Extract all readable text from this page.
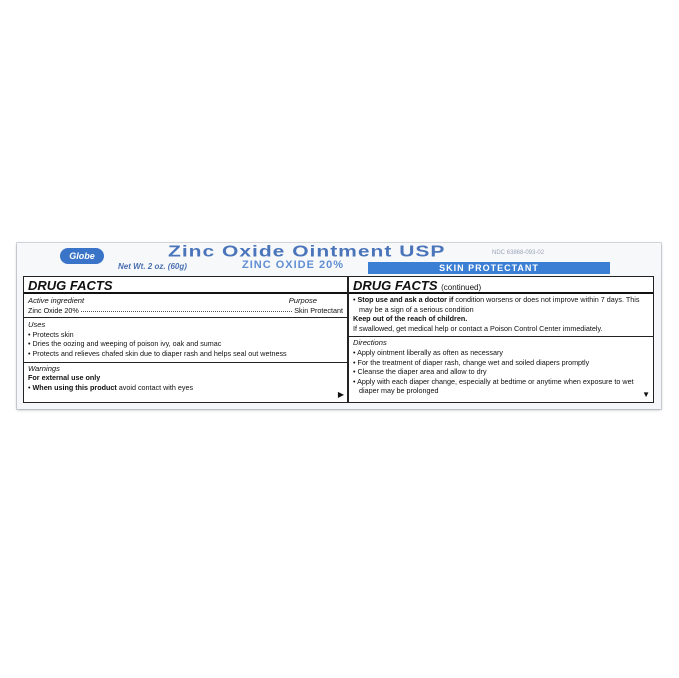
Globe	Zinc Oxide Ointment USP
ZINC OXIDE 20%
Net Wt. 2 oz. (60g)
NDC 63868-093-02
SKIN PROTECTANT
DRUG FACTS
Active ingredient	Purpose
Zinc Oxide 20%	Skin Protectant
Uses
• Protects skin
• Dries the oozing and weeping of poison ivy, oak and sumac
• Protects and relieves chafed skin due to diaper rash and helps seal out wetness
Warnings
For external use only
• When using this product avoid contact with eyes
▶
DRUG FACTS (continued)
• Stop use and ask a doctor if condition worsens or does not improve within 7 days. This may be a sign of a serious condition
Keep out of the reach of children.
If swallowed, get medical help or contact a Poison Control Center immediately.
Directions
• Apply ointment liberally as often as necessary
• For the treatment of diaper rash, change wet and soiled diapers promptly
• Cleanse the diaper area and allow to dry
• Apply with each diaper change, especially at bedtime or anytime when exposure to wet diaper may be prolonged	▼
